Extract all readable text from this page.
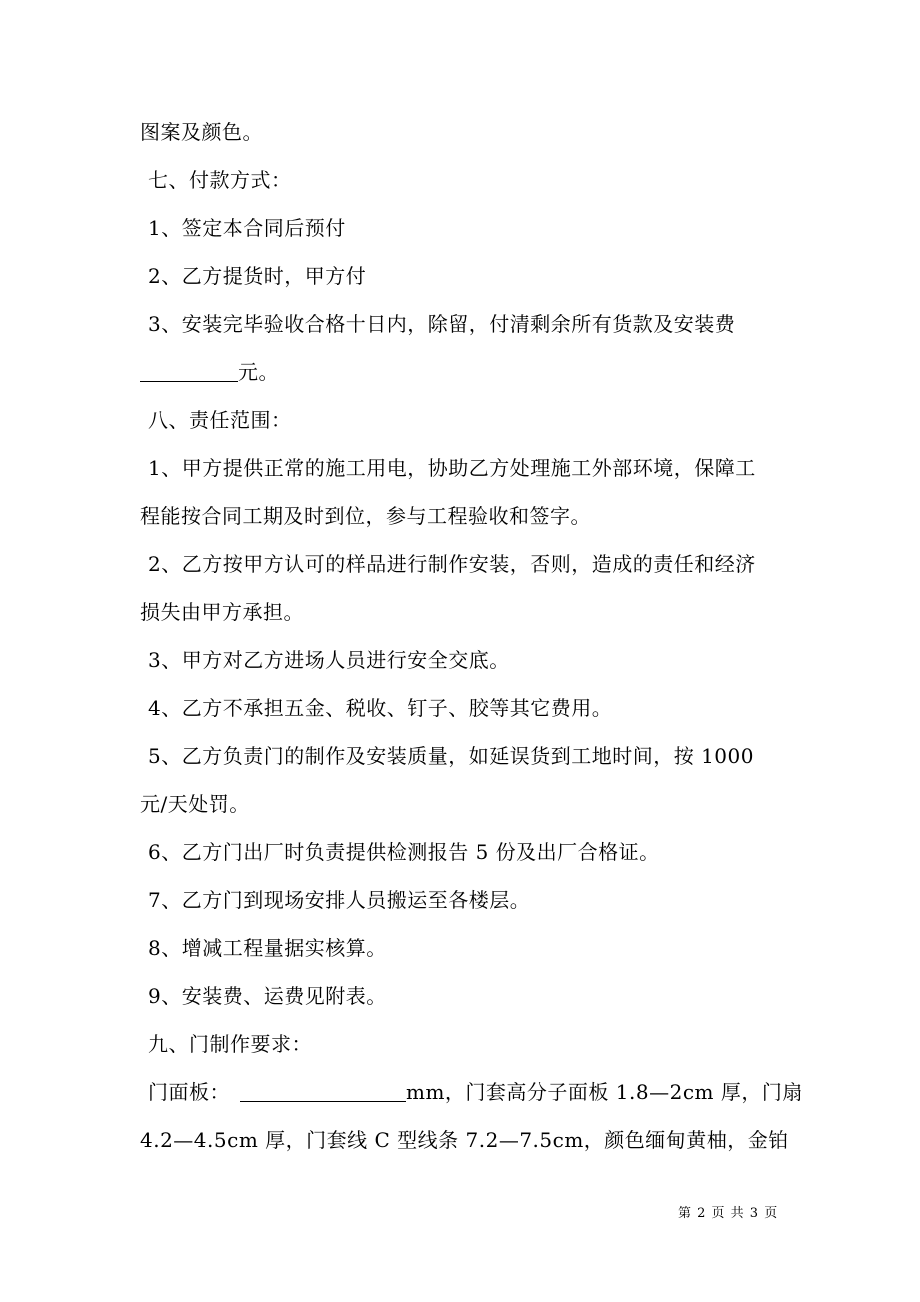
图案及颜色。
七、付款方式：
1、签定本合同后预付
2、乙方提货时，甲方付
3、安装完毕验收合格十日内，除留，付清剩余所有货款及安装费
元。
八、责任范围：
1、甲方提供正常的施工用电，协助乙方处理施工外部环境，保障工
程能按合同工期及时到位，参与工程验收和签字。
2、乙方按甲方认可的样品进行制作安装，否则，造成的责任和经济
损失由甲方承担。
3、甲方对乙方进场人员进行安全交底。
4、乙方不承担五金、税收、钉子、胶等其它费用。
5、乙方负责门的制作及安装质量，如延误货到工地时间，按 1000
元/天处罚。
6、乙方门出厂时负责提供检测报告 5 份及出厂合格证。
7、乙方门到现场安排人员搬运至各楼层。
8、增减工程量据实核算。
9、安装费、运费见附表。
九、门制作要求：
门面板：	mm，门套高分子面板 1.8—2cm 厚，门扇
4.2—4.5cm 厚，门套线 C 型线条 7.2—7.5cm，颜色缅甸黄柚，金铂
第 2 页 共 3 页
